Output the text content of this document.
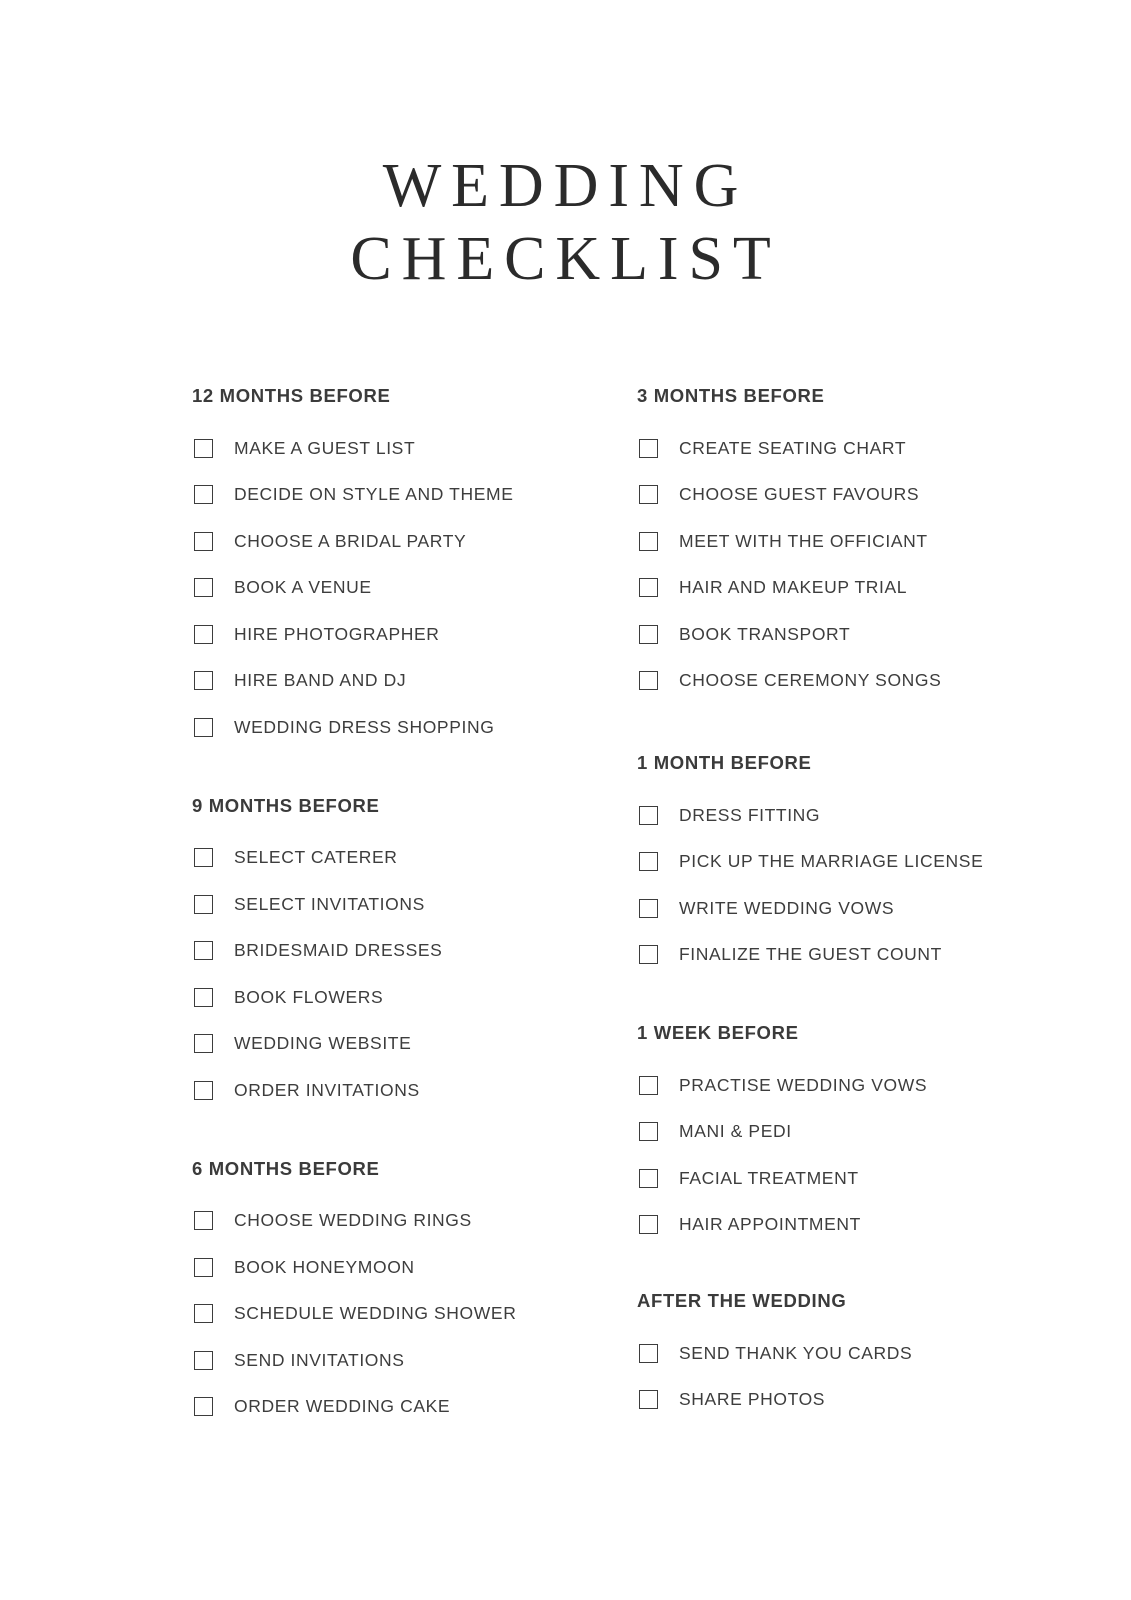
WEDDING
CHECKLIST
12 MONTHS BEFORE
MAKE A GUEST LIST
DECIDE ON STYLE AND THEME
CHOOSE A BRIDAL PARTY
BOOK A VENUE
HIRE PHOTOGRAPHER
HIRE BAND AND DJ
WEDDING DRESS SHOPPING
9 MONTHS BEFORE
SELECT CATERER
SELECT INVITATIONS
BRIDESMAID DRESSES
BOOK FLOWERS
WEDDING WEBSITE
ORDER INVITATIONS
6 MONTHS BEFORE
CHOOSE WEDDING RINGS
BOOK HONEYMOON
SCHEDULE WEDDING SHOWER
SEND INVITATIONS
ORDER WEDDING CAKE
3 MONTHS BEFORE
CREATE SEATING CHART
CHOOSE GUEST FAVOURS
MEET WITH THE OFFICIANT
HAIR AND MAKEUP TRIAL
BOOK TRANSPORT
CHOOSE CEREMONY SONGS
1 MONTH BEFORE
DRESS FITTING
PICK UP THE MARRIAGE LICENSE
WRITE WEDDING VOWS
FINALIZE THE GUEST COUNT
1 WEEK BEFORE
PRACTISE WEDDING VOWS
MANI & PEDI
FACIAL TREATMENT
HAIR APPOINTMENT
AFTER THE WEDDING
SEND THANK YOU CARDS
SHARE PHOTOS
